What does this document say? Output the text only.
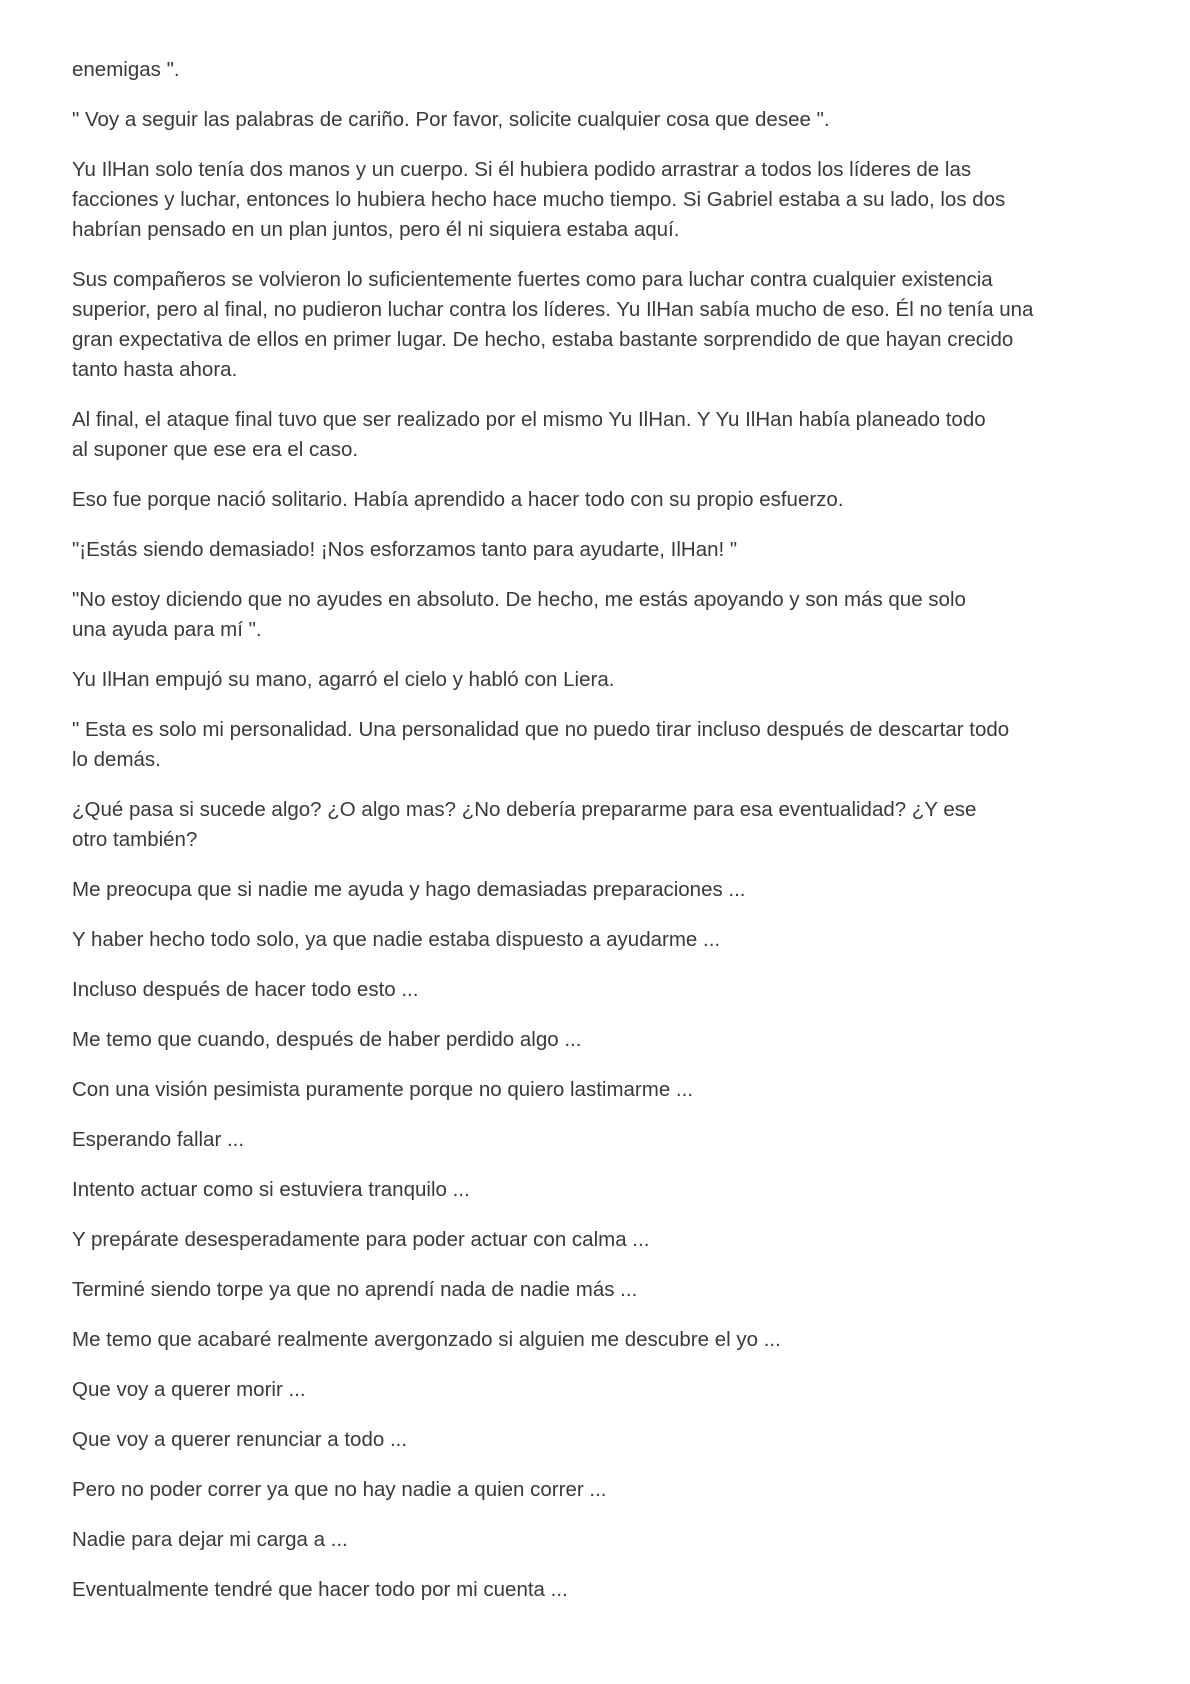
enemigas ".

" Voy a seguir las palabras de cariño. Por favor, solicite cualquier cosa que desee ".

Yu IlHan solo tenía dos manos y un cuerpo. Si él hubiera podido arrastrar a todos los líderes de las
facciones y luchar, entonces lo hubiera hecho hace mucho tiempo. Si Gabriel estaba a su lado, los dos
habrían pensado en un plan juntos, pero él ni siquiera estaba aquí.

Sus compañeros se volvieron lo suficientemente fuertes como para luchar contra cualquier existencia
superior, pero al final, no pudieron luchar contra los líderes. Yu IlHan sabía mucho de eso. Él no tenía una
gran expectativa de ellos en primer lugar. De hecho, estaba bastante sorprendido de que hayan crecido
tanto hasta ahora.

Al final, el ataque final tuvo que ser realizado por el mismo Yu IlHan. Y Yu IlHan había planeado todo
al suponer que ese era el caso.

Eso fue porque nació solitario. Había aprendido a hacer todo con su propio esfuerzo.

"¡Estás siendo demasiado! ¡Nos esforzamos tanto para ayudarte, IlHan! "

"No estoy diciendo que no ayudes en absoluto. De hecho, me estás apoyando y son más que solo
una ayuda para mí ".

Yu IlHan empujó su mano, agarró el cielo y habló con Liera.

" Esta es solo mi personalidad. Una personalidad que no puedo tirar incluso después de descartar todo
lo demás.

¿Qué pasa si sucede algo? ¿O algo mas? ¿No debería prepararme para esa eventualidad? ¿Y ese
otro también?

Me preocupa que si nadie me ayuda y hago demasiadas preparaciones ...

Y haber hecho todo solo, ya que nadie estaba dispuesto a ayudarme ...

Incluso después de hacer todo esto ...

Me temo que cuando, después de haber perdido algo ...

Con una visión pesimista puramente porque no quiero lastimarme ...

Esperando fallar ...

Intento actuar como si estuviera tranquilo ...

Y prepárate desesperadamente para poder actuar con calma ...

Terminé siendo torpe ya que no aprendí nada de nadie más ...

Me temo que acabaré realmente avergonzado si alguien me descubre el yo ...

Que voy a querer morir ...

Que voy a querer renunciar a todo ...

Pero no poder correr ya que no hay nadie a quien correr ...

Nadie para dejar mi carga a ...

Eventualmente tendré que hacer todo por mi cuenta ...
